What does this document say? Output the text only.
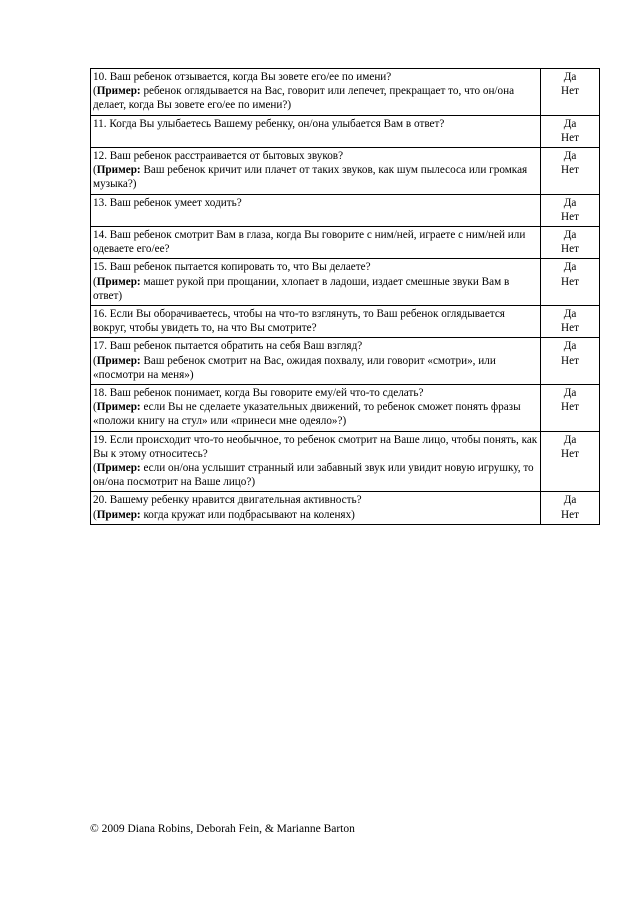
10. Ваш ребенок отзывается, когда Вы зовете его/ее по имени?
(Пример: ребенок оглядывается на Вас, говорит или лепечет, прекращает то, что он/она делает, когда Вы зовете его/ее по имени?)	Да
Нет

11. Когда Вы улыбаетесь Вашему ребенку, он/она улыбается Вам в ответ?	Да
Нет

12. Ваш ребенок расстраивается от бытовых звуков?
(Пример: Ваш ребенок кричит или плачет от таких звуков, как шум пылесоса или громкая музыка?)	Да
Нет

13. Ваш ребенок умеет ходить?	Да
Нет

14. Ваш ребенок смотрит Вам в глаза, когда Вы говорите с ним/ней, играете с ним/ней или одеваете его/ее?	Да
Нет

15. Ваш ребенок пытается копировать то, что Вы делаете?
(Пример: машет рукой при прощании, хлопает в ладоши, издает смешные звуки Вам в ответ)	Да
Нет

16. Если Вы оборачиваетесь, чтобы на что-то взглянуть, то Ваш ребенок оглядывается вокруг, чтобы увидеть то, на что Вы смотрите?	Да
Нет

17. Ваш ребенок пытается обратить на себя Ваш взгляд?
(Пример: Ваш ребенок смотрит на Вас, ожидая похвалу, или говорит «смотри», или «посмотри на меня»)	Да
Нет

18. Ваш ребенок понимает, когда Вы говорите ему/ей что-то сделать?
(Пример: если Вы не сделаете указательных движений, то ребенок сможет понять фразы «положи книгу на стул» или «принеси мне одеяло»?)	Да
Нет

19. Если происходит что-то необычное, то ребенок смотрит на Ваше лицо, чтобы понять, как Вы к этому относитесь?
(Пример: если он/она услышит странный или забавный звук или увидит новую игрушку, то он/она посмотрит на Ваше лицо?)	Да
Нет

20. Вашему ребенку нравится двигательная активность?
(Пример: когда кружат или подбрасывают на коленях)	Да
Нет
© 2009 Diana Robins, Deborah Fein, & Marianne Barton
